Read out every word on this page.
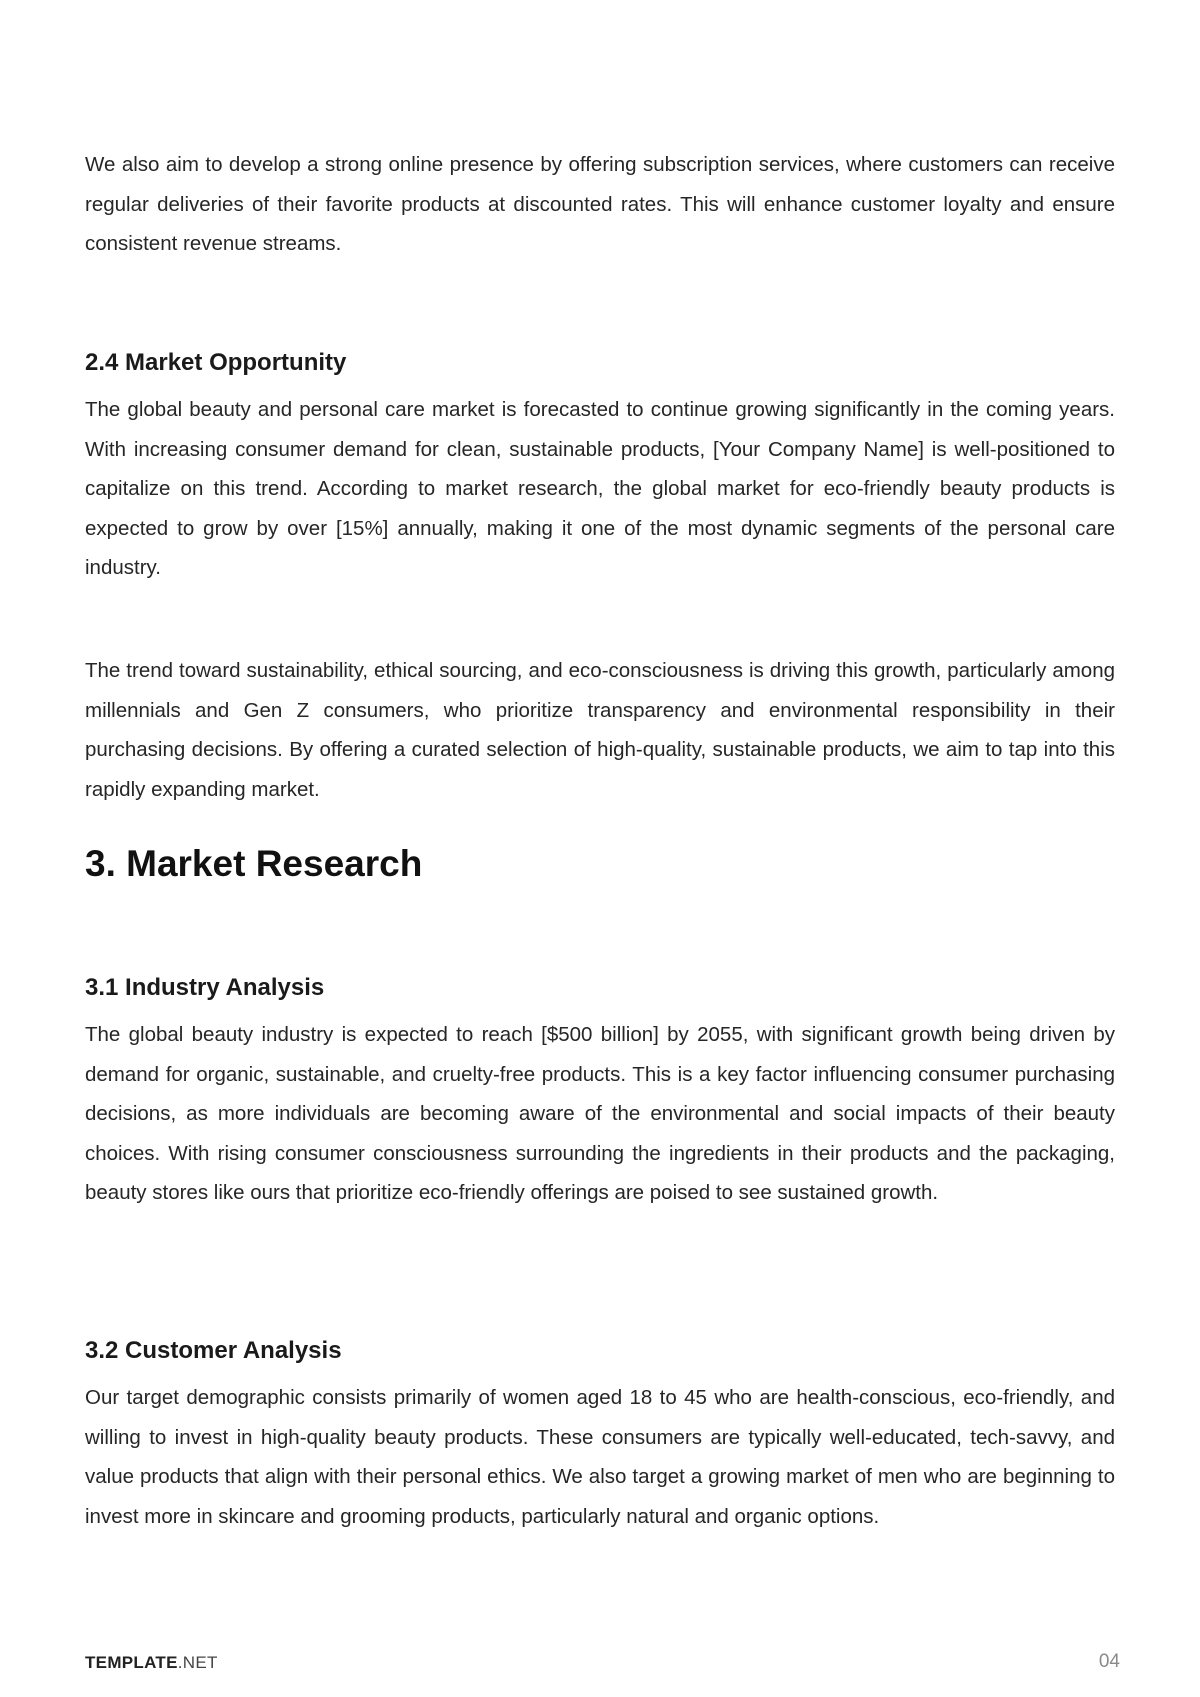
We also aim to develop a strong online presence by offering subscription services, where customers can receive regular deliveries of their favorite products at discounted rates. This will enhance customer loyalty and ensure consistent revenue streams.

2.4 Market Opportunity

The global beauty and personal care market is forecasted to continue growing significantly in the coming years. With increasing consumer demand for clean, sustainable products, [Your Company Name] is well-positioned to capitalize on this trend. According to market research, the global market for eco-friendly beauty products is expected to grow by over [15%] annually, making it one of the most dynamic segments of the personal care industry.

The trend toward sustainability, ethical sourcing, and eco-consciousness is driving this growth, particularly among millennials and Gen Z consumers, who prioritize transparency and environmental responsibility in their purchasing decisions. By offering a curated selection of high-quality, sustainable products, we aim to tap into this rapidly expanding market.

3. Market Research
3.1 Industry Analysis

The global beauty industry is expected to reach [$500 billion] by 2055, with significant growth being driven by demand for organic, sustainable, and cruelty-free products. This is a key factor influencing consumer purchasing decisions, as more individuals are becoming aware of the environmental and social impacts of their beauty choices. With rising consumer consciousness surrounding the ingredients in their products and the packaging, beauty stores like ours that prioritize eco-friendly offerings are poised to see sustained growth.

3.2 Customer Analysis

Our target demographic consists primarily of women aged 18 to 45 who are health-conscious, eco-friendly, and willing to invest in high-quality beauty products. These consumers are typically well-educated, tech-savvy, and value products that align with their personal ethics. We also target a growing market of men who are beginning to invest more in skincare and grooming products, particularly natural and organic options.

TEMPLATE.NET	04
